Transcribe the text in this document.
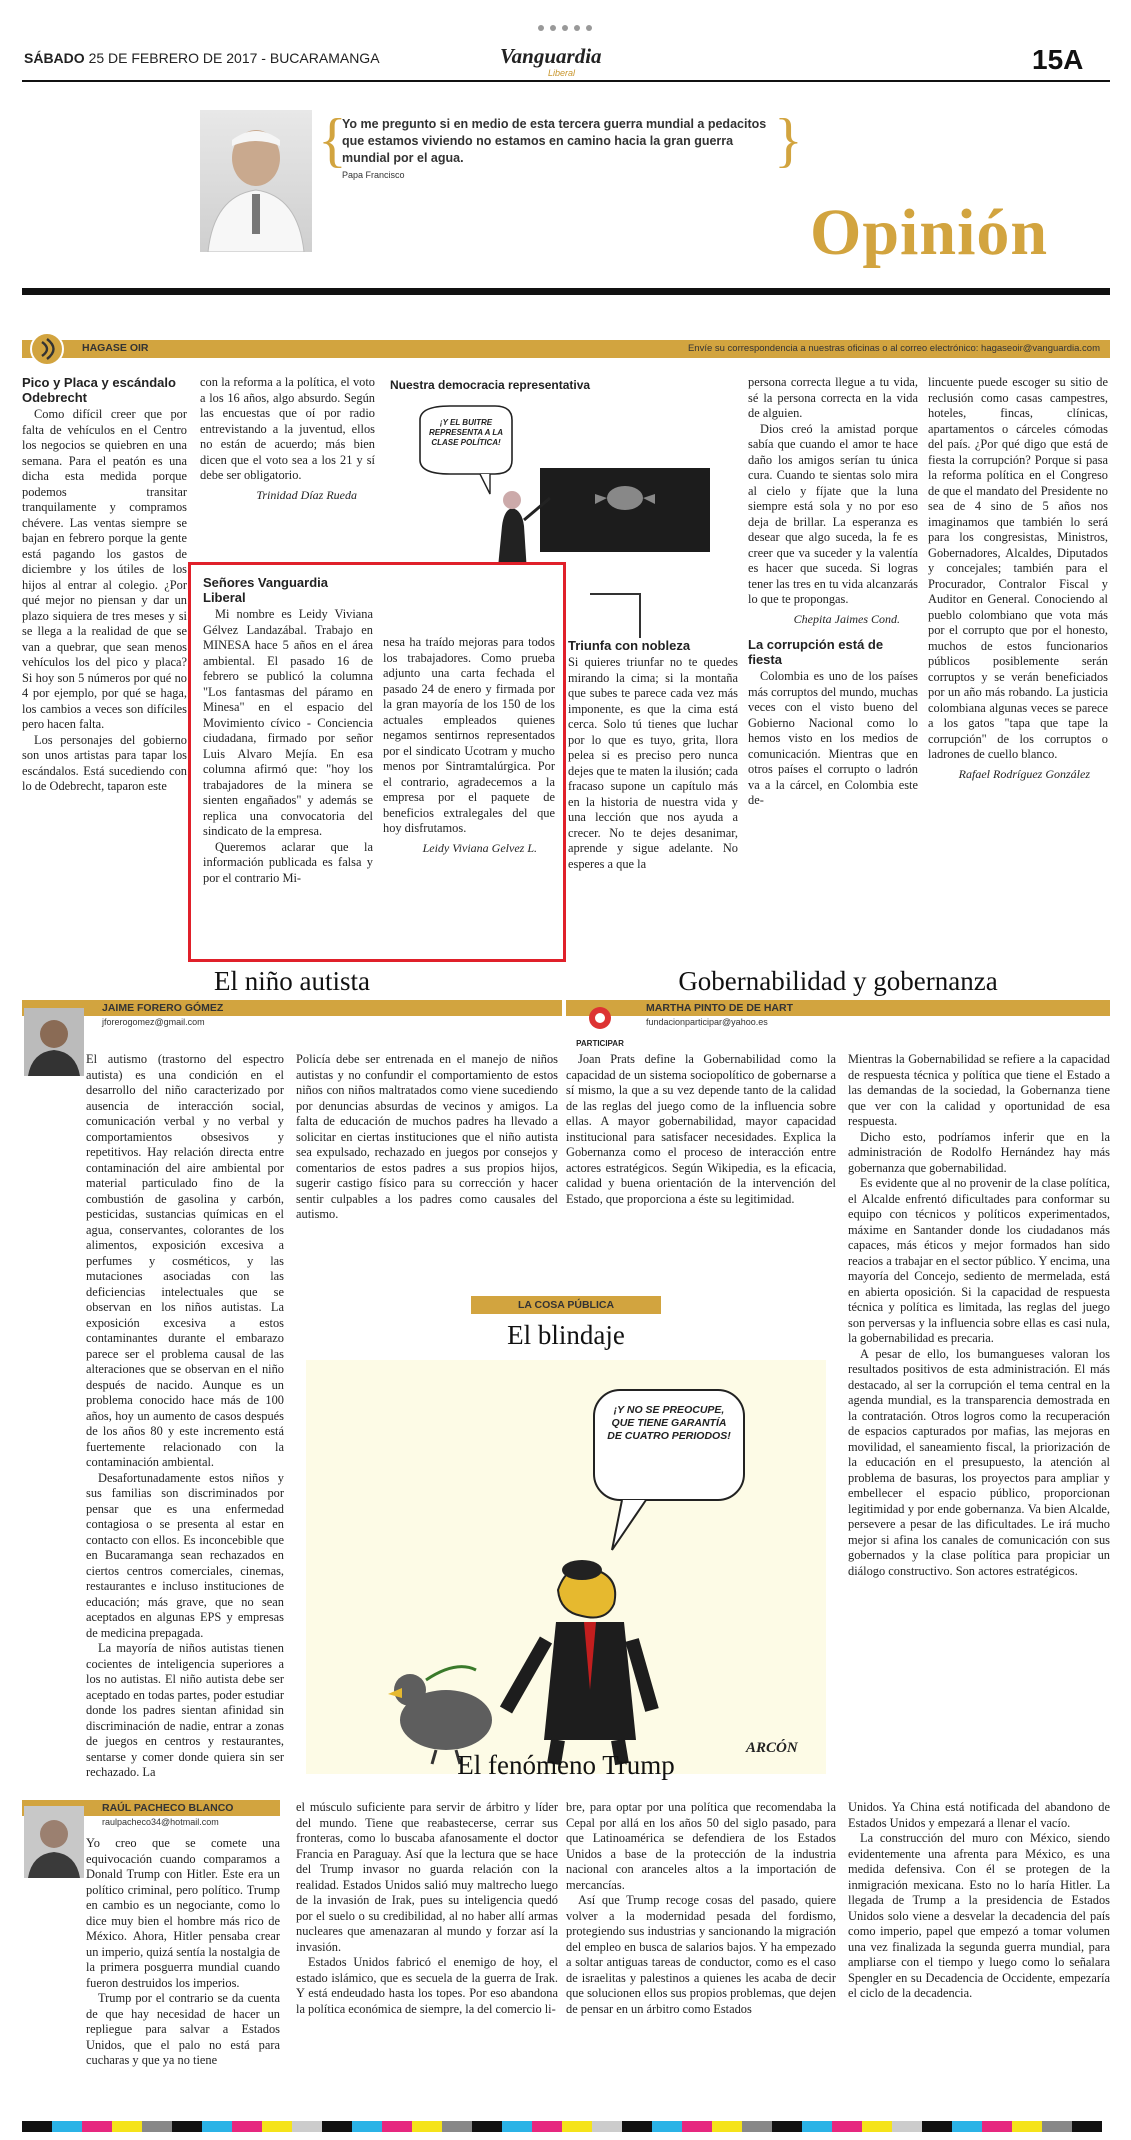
SÁBADO 25 DE FEBRERO DE 2017 - BUCARAMANGA	Vanguardia
Liberal	15A
{
Yo me pregunto si en medio de esta tercera guerra mundial a pedacitos que estamos viviendo no estamos en camino hacia la gran guerra mundial por el agua.
Papa Francisco
}
Opinión
HAGASE OIR	Envíe su correspondencia a nuestras oficinas o al correo electrónico: hagaseoir@vanguardia.com
Pico y Placa y escándalo Odebrecht

Como difícil creer que por falta de vehículos en el Centro los negocios se quiebren en una semana. Para el peatón es una dicha esta medida porque podemos transitar tranquilamente y compramos chévere. Las ventas siempre se bajan en febrero porque la gente está pagando los gastos de diciembre y los útiles de los hijos al entrar al colegio. ¿Por qué mejor no piensan y dar un plazo siquiera de tres meses y si se llega a la realidad de que se van a quebrar, que sean menos vehículos los del pico y placa? Si hoy son 5 números por qué no 4 por ejemplo, por qué se haga, los cambios a veces son difíciles pero hacen falta.

Los personajes del gobierno son unos artistas para tapar los escándalos. Está sucediendo con lo de Odebrecht, taparon este

con la reforma a la política, el voto a los 16 años, algo absurdo. Según las encuestas que oí por radio entrevistando a la juventud, ellos no están de acuerdo; más bien dicen que el voto sea a los 21 y sí debe ser obligatorio.

Trinidad Díaz Rueda
Nuestra democracia representativa
¡Y EL BUITRE REPRESENTA A LA CLASE POLÍTICA!
Señores Vanguardia Liberal

Mi nombre es Leidy Viviana Gélvez Landazábal. Trabajo en MINESA hace 5 años en el área ambiental. El pasado 16 de febrero se publicó la columna "Los fantasmas del páramo en Minesa" en el espacio del Movimiento cívico - Conciencia ciudadana, firmado por señor Luis Alvaro Mejía. En esa columna afirmó que: "hoy los trabajadores de la minera se sienten engañados" y además se replica una convocatoria del sindicato de la empresa.

Queremos aclarar que la información publicada es falsa y por el contrario Mi-

nesa ha traído mejoras para todos los trabajadores. Como prueba adjunto una carta fechada el pasado 24 de enero y firmada por la gran mayoría de los 150 de los actuales empleados quienes negamos sentirnos representados por el sindicato Ucotram y mucho menos por Sintramtalúrgica. Por el contrario, agradecemos a la empresa por el paquete de beneficios extralegales del que hoy disfrutamos.

Leidy Viviana Gelvez L.
Triunfa con nobleza

Si quieres triunfar no te quedes mirando la cima; si la montaña que subes te parece cada vez más imponente, es que la cima está cerca. Solo tú tienes que luchar por lo que es tuyo, grita, llora pelea si es preciso pero nunca dejes que te maten la ilusión; cada fracaso supone un capítulo más en la historia de nuestra vida y una lección que nos ayuda a crecer. No te dejes desanimar, aprende y sigue adelante. No esperes a que la

persona correcta llegue a tu vida, sé la persona correcta en la vida de alguien.

Dios creó la amistad porque sabía que cuando el amor te hace daño los amigos serían tu única cura. Cuando te sientas solo mira al cielo y fíjate que la luna siempre está sola y no por eso deja de brillar. La esperanza es desear que algo suceda, la fe es creer que va suceder y la valentía es hacer que suceda. Si logras tener las tres en tu vida alcanzarás lo que te propongas.

Chepita Jaimes Cond.
La corrupción está de fiesta

Colombia es uno de los países más corruptos del mundo, muchas veces con el visto bueno del Gobierno Nacional como lo hemos visto en los medios de comunicación. Mientras que en otros países el corrupto o ladrón va a la cárcel, en Colombia este de-

lincuente puede escoger su sitio de reclusión como casas campestres, hoteles, fincas, clínicas, apartamentos o cárceles cómodas del país. ¿Por qué digo que está de fiesta la corrupción? Porque si pasa la reforma política en el Congreso de que el mandato del Presidente no sea de 4 sino de 5 años nos imaginamos que también lo será para los congresistas, Ministros, Gobernadores, Alcaldes, Diputados y concejales; también para el Procurador, Contralor Fiscal y Auditor en General. Conociendo al pueblo colombiano que vota más por el corrupto que por el honesto, muchos de estos funcionarios públicos posiblemente serán corruptos y se verán beneficiados por un año más robando. La justicia colombiana algunas veces se parece a los gatos "tapa que tape la corrupción" de los corruptos o ladrones de cuello blanco.

Rafael Rodríguez González
El niño autista	Gobernabilidad y gobernanza
JAIME FORERO GÓMEZ
jforerogomez@gmail.com

El autismo (trastorno del espectro autista) es una condición en el desarrollo del niño caracterizado por ausencia de interacción social, comunicación verbal y no verbal y comportamientos obsesivos y repetitivos. Hay relación directa entre contaminación del aire ambiental por material particulado fino de la combustión de gasolina y carbón, pesticidas, sustancias químicas en el agua, conservantes, colorantes de los alimentos, exposición excesiva a perfumes y cosméticos, y las mutaciones asociadas con las deficiencias intelectuales que se observan en los niños autistas. La exposición excesiva a estos contaminantes durante el embarazo parece ser el problema causal de las alteraciones que se observan en el niño después de nacido. Aunque es un problema conocido hace más de 100 años, hoy un aumento de casos después de los años 80 y este incremento está fuertemente relacionado con la contaminación ambiental.

Desafortunadamente estos niños y sus familias son discriminados por pensar que es una enfermedad contagiosa o se presenta al estar en contacto con ellos. Es inconcebible que en Bucaramanga sean rechazados en ciertos centros comerciales, cinemas, restaurantes e incluso instituciones de educación; más grave, que no sean aceptados en algunas EPS y empresas de medicina prepagada.

La mayoría de niños autistas tienen cocientes de inteligencia superiores a los no autistas. El niño autista debe ser aceptado en todas partes, poder estudiar donde los padres sientan afinidad sin discriminación de nadie, entrar a zonas de juegos en centros y restaurantes, sentarse y comer donde quiera sin ser rechazado. La

Policía debe ser entrenada en el manejo de niños autistas y no confundir el comportamiento de estos niños con niños maltratados como viene sucediendo por denuncias absurdas de vecinos y amigos. La falta de educación de muchos padres ha llevado a solicitar en ciertas instituciones que el niño autista sea expulsado, rechazado en juegos por consejos y comentarios de estos padres a sus propios hijos, sugerir castigo físico para su corrección y hacer sentir culpables a los padres como causales del autismo.

MARTHA PINTO DE DE HART
fundacionparticipar@yahoo.es
PARTICIPAR

Joan Prats define la Gobernabilidad como la capacidad de un sistema sociopolítico de gobernarse a sí mismo, la que a su vez depende tanto de la calidad de las reglas del juego como de la influencia sobre ellas. A mayor gobernabilidad, mayor capacidad institucional para satisfacer necesidades. Explica la Gobernanza como el proceso de interacción entre actores estratégicos. Según Wikipedia, es la eficacia, calidad y buena orientación de la intervención del Estado, que proporciona a éste su legitimidad.

Mientras la Gobernabilidad se refiere a la capacidad de respuesta técnica y política que tiene el Estado a las demandas de la sociedad, la Gobernanza tiene que ver con la calidad y oportunidad de esa respuesta.

Dicho esto, podríamos inferir que en la administración de Rodolfo Hernández hay más gobernanza que gobernabilidad.

Es evidente que al no provenir de la clase política, el Alcalde enfrentó dificultades para conformar su equipo con técnicos y políticos experimentados, máxime en Santander donde los ciudadanos más capaces, más éticos y mejor formados han sido reacios a trabajar en el sector público. Y encima, una mayoría del Concejo, sediento de mermelada, está en abierta oposición. Si la capacidad de respuesta técnica y política es limitada, las reglas del juego son perversas y la influencia sobre ellas es casi nula, la gobernabilidad es precaria.

A pesar de ello, los bumangueses valoran los resultados positivos de esta administración. El más destacado, al ser la corrupción el tema central en la agenda mundial, es la transparencia demostrada en la contratación. Otros logros como la recuperación de espacios capturados por mafias, las mejoras en movilidad, el saneamiento fiscal, la priorización de la educación en el presupuesto, la atención al problema de basuras, los proyectos para ampliar y embellecer el espacio público, proporcionan legitimidad y por ende gobernanza. Va bien Alcalde, persevere a pesar de las dificultades. Le irá mucho mejor si afina los canales de comunicación con sus gobernados y la clase política para propiciar un diálogo constructivo. Son actores estratégicos.

LA COSA PÚBLICA
El blindaje
¡Y NO SE PREOCUPE, QUE TIENE GARANTÍA DE CUATRO PERIODOS!
ARCÓN
El fenómeno Trump
RAÚL PACHECO BLANCO
raulpacheco34@hotmail.com

Yo creo que se comete una equivocación cuando comparamos a Donald Trump con Hitler. Este era un político criminal, pero político. Trump en cambio es un negociante, como lo dice muy bien el hombre más rico de México. Ahora, Hitler pensaba crear un imperio, quizá sentía la nostalgia de la primera posguerra mundial cuando fueron destruidos los imperios.

Trump por el contrario se da cuenta de que hay necesidad de hacer un repliegue para salvar a Estados Unidos, que el palo no está para cucharas y que ya no tiene

el músculo suficiente para servir de árbitro y líder del mundo. Tiene que reabastecerse, cerrar sus fronteras, como lo buscaba afanosamente el doctor Francia en Paraguay. Así que la lectura que se hace del Trump invasor no guarda relación con la realidad. Estados Unidos salió muy maltrecho luego de la invasión de Irak, pues su inteligencia quedó por el suelo o su credibilidad, al no haber allí armas nucleares que amenazaran al mundo y forzar así la invasión.

Estados Unidos fabricó el enemigo de hoy, el estado islámico, que es secuela de la guerra de Irak. Y está endeudado hasta los topes. Por eso abandona la política económica de siempre, la del comercio li-

bre, para optar por una política que recomendaba la Cepal por allá en los años 50 del siglo pasado, para que Latinoamérica se defendiera de los Estados Unidos a base de la protección de la industria nacional con aranceles altos a la importación de mercancías.

Así que Trump recoge cosas del pasado, quiere volver a la modernidad pesada del fordismo, protegiendo sus industrias y sancionando la migración del empleo en busca de salarios bajos. Y ha empezado a soltar antiguas tareas de conductor, como es el caso de israelitas y palestinos a quienes les acaba de decir que solucionen ellos sus propios problemas, que dejen de pensar en un árbitro como Estados

Unidos. Ya China está notificada del abandono de Estados Unidos y empezará a llenar el vacío.

La construcción del muro con México, siendo evidentemente una afrenta para México, es una medida defensiva. Con él se protegen de la inmigración mexicana. Esto no lo haría Hitler. La llegada de Trump a la presidencia de Estados Unidos solo viene a desvelar la decadencia del país como imperio, papel que empezó a tomar volumen una vez finalizada la segunda guerra mundial, para ampliarse con el tiempo y luego como lo señalara Spengler en su Decadencia de Occidente, empezaría el ciclo de la decadencia.
